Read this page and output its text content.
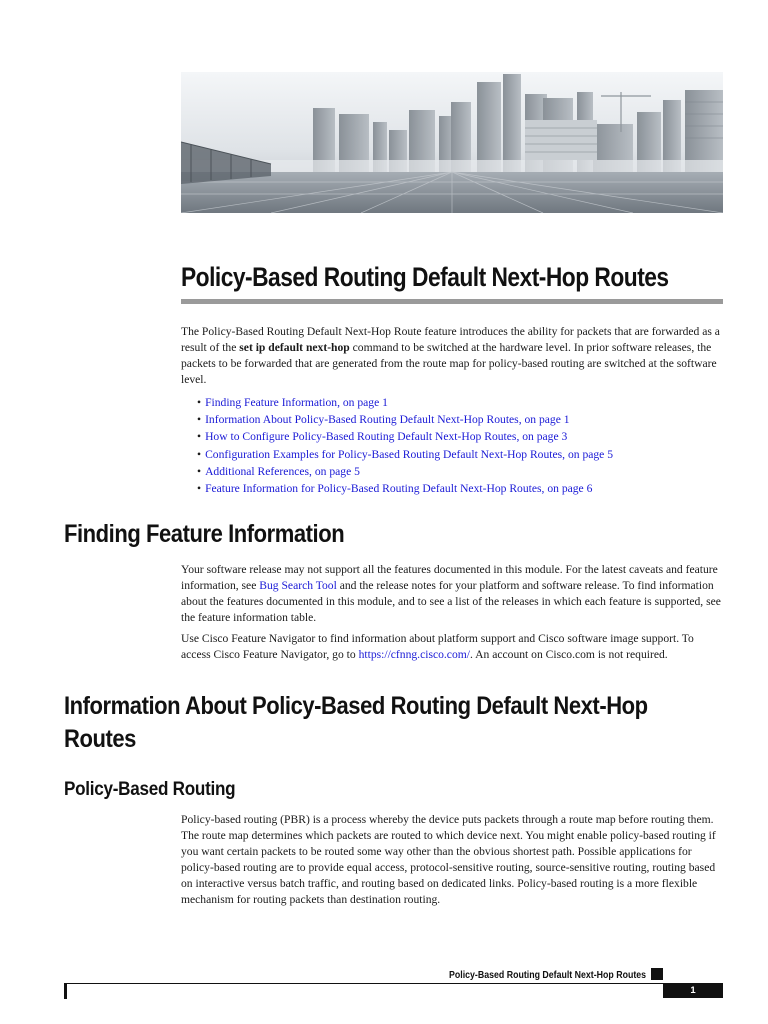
Policy-Based Routing Default Next-Hop Routes

The Policy-Based Routing Default Next-Hop Route feature introduces the ability for packets that are forwarded as a result of the set ip default next-hop command to be switched at the hardware level. In prior software releases, the packets to be forwarded that are generated from the route map for policy-based routing are switched at the software level.

• Finding Feature Information, on page 1
• Information About Policy-Based Routing Default Next-Hop Routes, on page 1
• How to Configure Policy-Based Routing Default Next-Hop Routes, on page 3
• Configuration Examples for Policy-Based Routing Default Next-Hop Routes, on page 5
• Additional References, on page 5
• Feature Information for Policy-Based Routing Default Next-Hop Routes, on page 6
Finding Feature Information

Your software release may not support all the features documented in this module. For the latest caveats and feature information, see Bug Search Tool and the release notes for your platform and software release. To find information about the features documented in this module, and to see a list of the releases in which each feature is supported, see the feature information table.

Use Cisco Feature Navigator to find information about platform support and Cisco software image support. To access Cisco Feature Navigator, go to https://cfnng.cisco.com/. An account on Cisco.com is not required.

Information About Policy-Based Routing Default Next-Hop
Routes
Policy-Based Routing

Policy-based routing (PBR) is a process whereby the device puts packets through a route map before routing them. The route map determines which packets are routed to which device next. You might enable policy-based routing if you want certain packets to be routed some way other than the obvious shortest path. Possible applications for policy-based routing are to provide equal access, protocol-sensitive routing, source-sensitive routing, routing based on interactive versus batch traffic, and routing based on dedicated links. Policy-based routing is a more flexible mechanism for routing packets than destination routing.

Policy-Based Routing Default Next-Hop Routes
1
